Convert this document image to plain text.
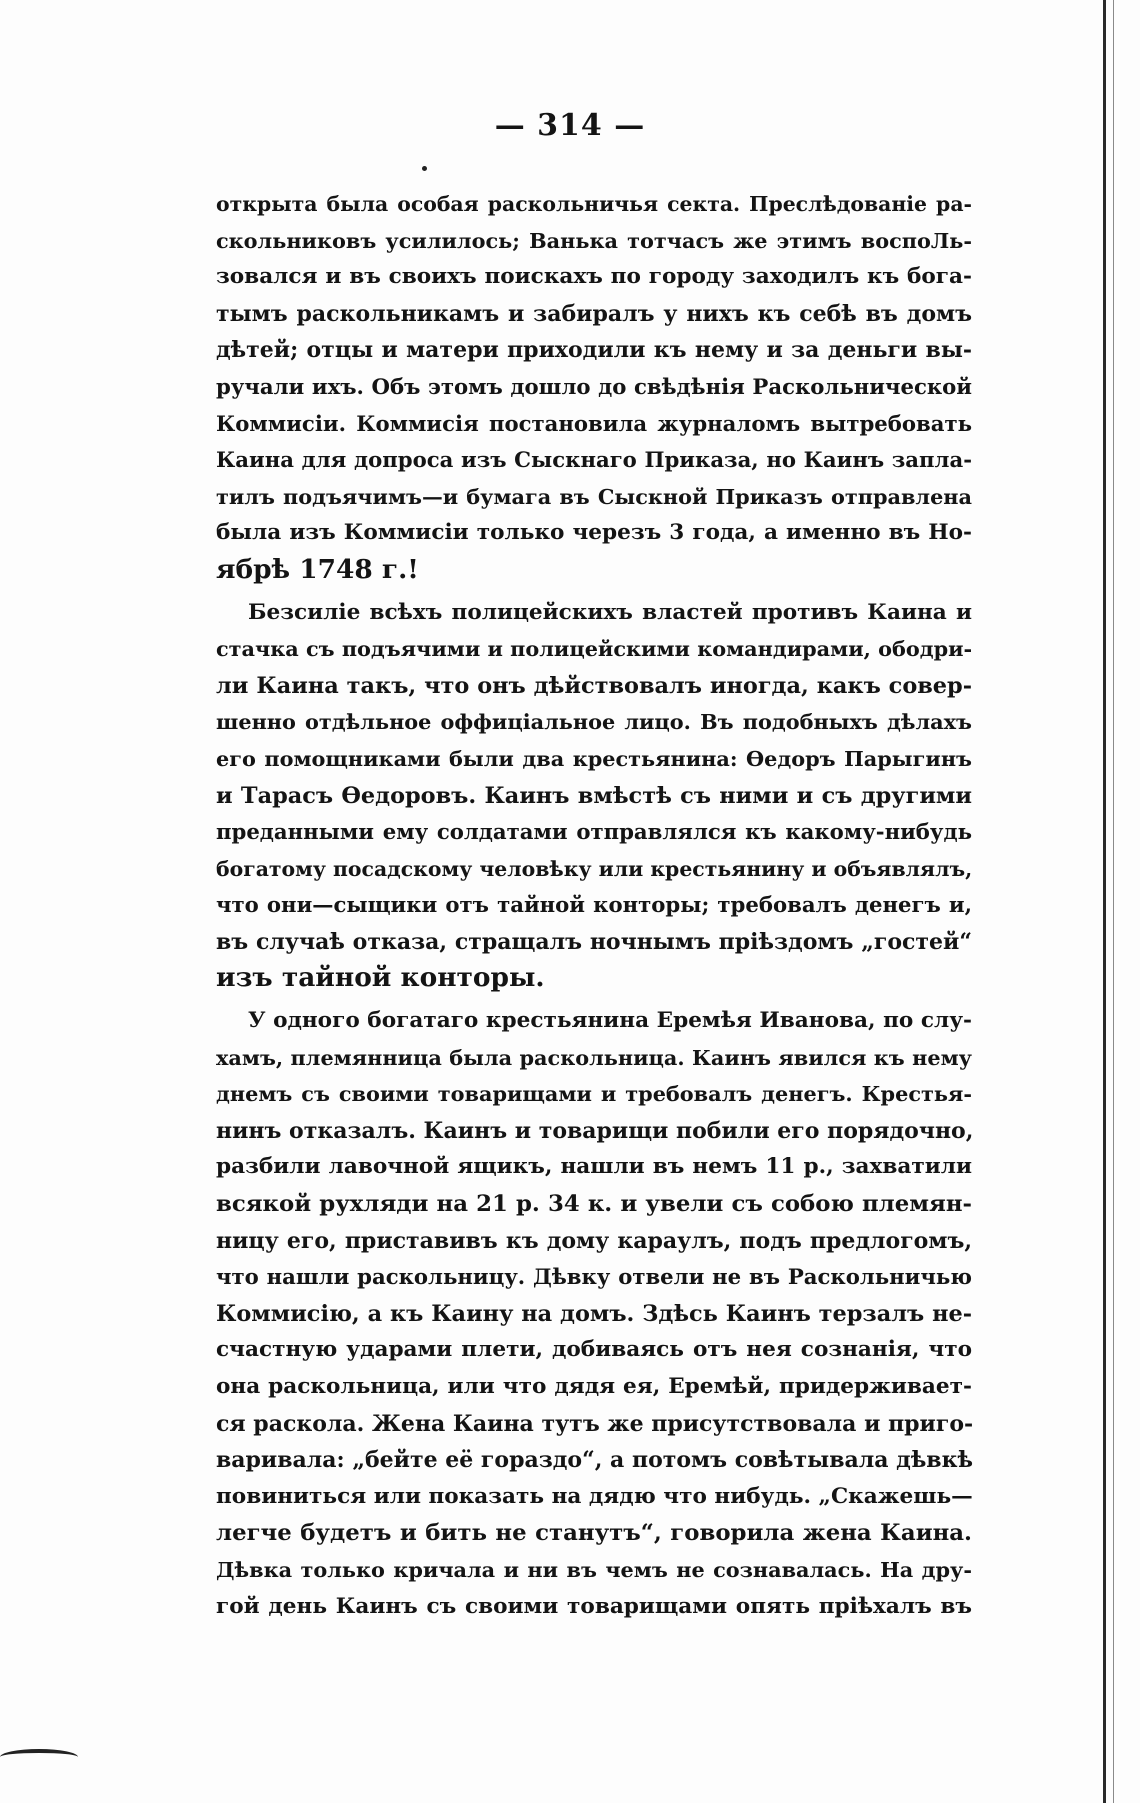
— 314 —
открыта была особая раскольничья секта. Преслѣдованіе ра-
скольниковъ усилилось; Ванька тотчасъ же этимъ воспоЛь-
зовался и въ своихъ поискахъ по городу заходилъ къ бога-
тымъ раскольникамъ и забиралъ у нихъ къ себѣ въ домъ
дѣтей; отцы и матери приходили къ нему и за деньги вы-
ручали ихъ. Объ этомъ дошло до свѣдѣнія Раскольнической
Коммисіи. Коммисія постановила журналомъ вытребовать
Каина для допроса изъ Сыскнаго Приказа, но Каинъ запла-
тилъ подъячимъ—и бумага въ Сыскной Приказъ отправлена
была изъ Коммисіи только черезъ 3 года, а именно въ Но-
ябрѣ 1748 г.!
Безсиліе всѣхъ полицейскихъ властей противъ Каина и
стачка съ подъячими и полицейскими командирами, ободри-
ли Каина такъ, что онъ дѣйствовалъ иногда, какъ совер-
шенно отдѣльное оффиціальное лицо. Въ подобныхъ дѣлахъ
его помощниками были два крестьянина: Ѳедоръ Парыгинъ
и Тарасъ Ѳедоровъ. Каинъ вмѣстѣ съ ними и съ другими
преданными ему солдатами отправлялся къ какому-нибудь
богатому посадскому человѣку или крестьянину и объявлялъ,
что они—сыщики отъ тайной конторы; требовалъ денегъ и,
въ случаѣ отказа, стращалъ ночнымъ пріѣздомъ „гостей“
изъ тайной конторы.
У одного богатаго крестьянина Еремѣя Иванова, по слу-
хамъ, племянница была раскольница. Каинъ явился къ нему
днемъ съ своими товарищами и требовалъ денегъ. Крестья-
нинъ отказалъ. Каинъ и товарищи побили его порядочно,
разбили лавочной ящикъ, нашли въ немъ 11 р., захватили
всякой рухляди на 21 р. 34 к. и увели съ собою племян-
ницу его, приставивъ къ дому караулъ, подъ предлогомъ,
что нашли раскольницу. Дѣвку отвели не въ Раскольничью
Коммисію, а къ Каину на домъ. Здѣсь Каинъ терзалъ не-
счастную ударами плети, добиваясь отъ нея сознанія, что
она раскольница, или что дядя ея, Еремѣй, придерживает-
ся раскола. Жена Каина тутъ же присутствовала и приго-
варивала: „бейте её гораздо“, а потомъ совѣтывала дѣвкѣ
повиниться или показать на дядю что нибудь. „Скажешь—
легче будетъ и бить не станутъ“, говорила жена Каина.
Дѣвка только кричала и ни въ чемъ не сознавалась. На дру-
гой день Каинъ съ своими товарищами опять пріѣхалъ въ
